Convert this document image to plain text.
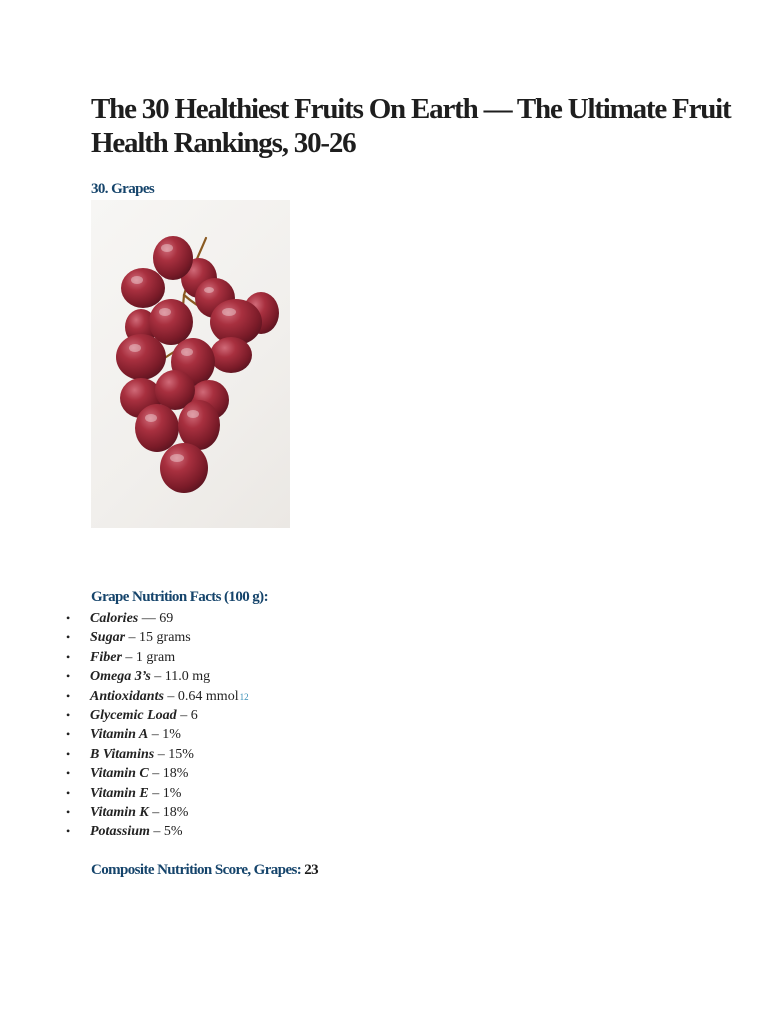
The 30 Healthiest Fruits On Earth — The Ultimate Fruit Health Rankings, 30-26
30. Grapes
Grape Nutrition Facts (100 g):
• Calories — 69
• Sugar – 15 grams
• Fiber – 1 gram
• Omega 3’s – 11.0 mg
• Antioxidants – 0.64 mmol12
• Glycemic Load – 6
• Vitamin A – 1%
• B Vitamins – 15%
• Vitamin C – 18%
• Vitamin E – 1%
• Vitamin K – 18%
• Potassium – 5%
Composite Nutrition Score, Grapes: 23
